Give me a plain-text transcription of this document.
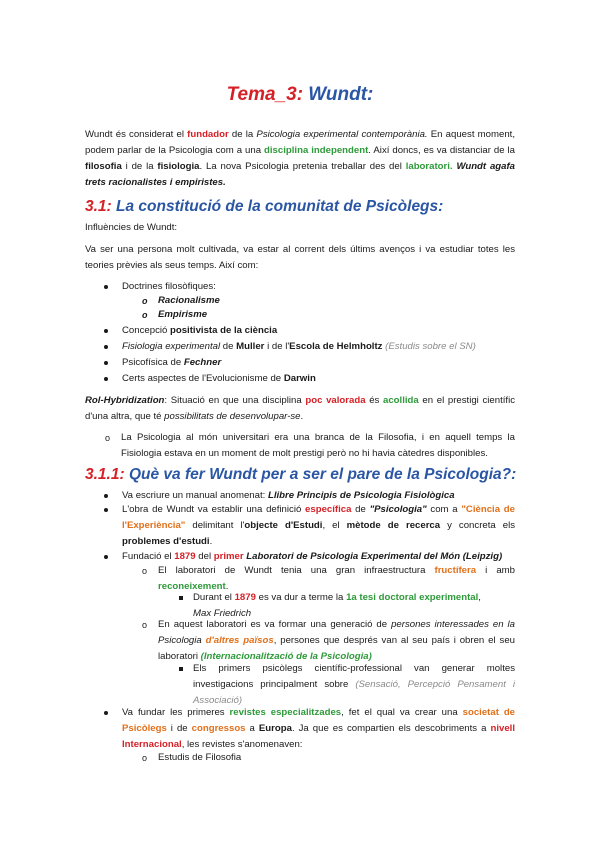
Tema_3: Wundt:

Wundt és considerat el fundador de la Psicologia experimental contemporània. En aquest moment, podem parlar de la Psicologia com a una disciplina independent. Així doncs, es va distanciar de la filosofia i de la fisiologia. La nova Psicologia pretenia treballar des del laboratori. Wundt agafa trets racionalistes i empiristes.

3.1: La constitució de la comunitat de Psicòlegs:

Influències de Wundt:

Va ser una persona molt cultivada, va estar al corrent dels últims avenços i va estudiar totes les teories prèvies als seus temps. Així com:

Doctrines filosòfiques:

o Racionalisme

o Empirisme

Concepció positivista de la ciència

Fisiologia experimental de Muller i de l'Escola de Helmholtz (Estudis sobre el SN)

Psicofísica de Fechner

Certs aspectes de l'Evolucionisme de Darwin

Rol-Hybridization: Situació en que una disciplina poc valorada és acollida en el prestigi científic d'una altra, que té possibilitats de desenvolupar-se.

o La Psicologia al món universitari era una branca de la Filosofia, i en aquell temps la Fisiologia estava en un moment de molt prestigi però no hi havia càtedres disponibles.

3.1.1: Què va fer Wundt per a ser el pare de la Psicologia?:

Va escriure un manual anomenat: Llibre Principis de Psicologia Fisiològica

L'obra de Wundt va establir una definició específica de "Psicologia" com a "Ciència de l'Experiència" delimitant l'objecte d'Estudi, el mètode de recerca y concreta els problemes d'estudi.

Fundació el 1879 del primer Laboratori de Psicologia Experimental del Món (Leipzig)

o El laboratori de Wundt tenia una gran infraestructura fructífera i amb reconeixement.

Durant el 1879 es va dur a terme la 1a tesi doctoral experimental,
Max Friedrich

o En aquest laboratori es va formar una generació de persones interessades en la Psicologia d'altres països, persones que després van al seu país i obren el seu laboratori (Internacionalització de la Psicologia)

Els primers psicòlegs científic-professional van generar moltes investigacions principalment sobre (Sensació, Percepció Pensament i Associació)

Va fundar les primeres revistes especialitzades, fet el qual va crear una societat de Psicòlegs i de congressos a Europa. Ja que es compartien els descobriments a nivell Internacional, les revistes s'anomenaven:

o Estudis de Filosofia
